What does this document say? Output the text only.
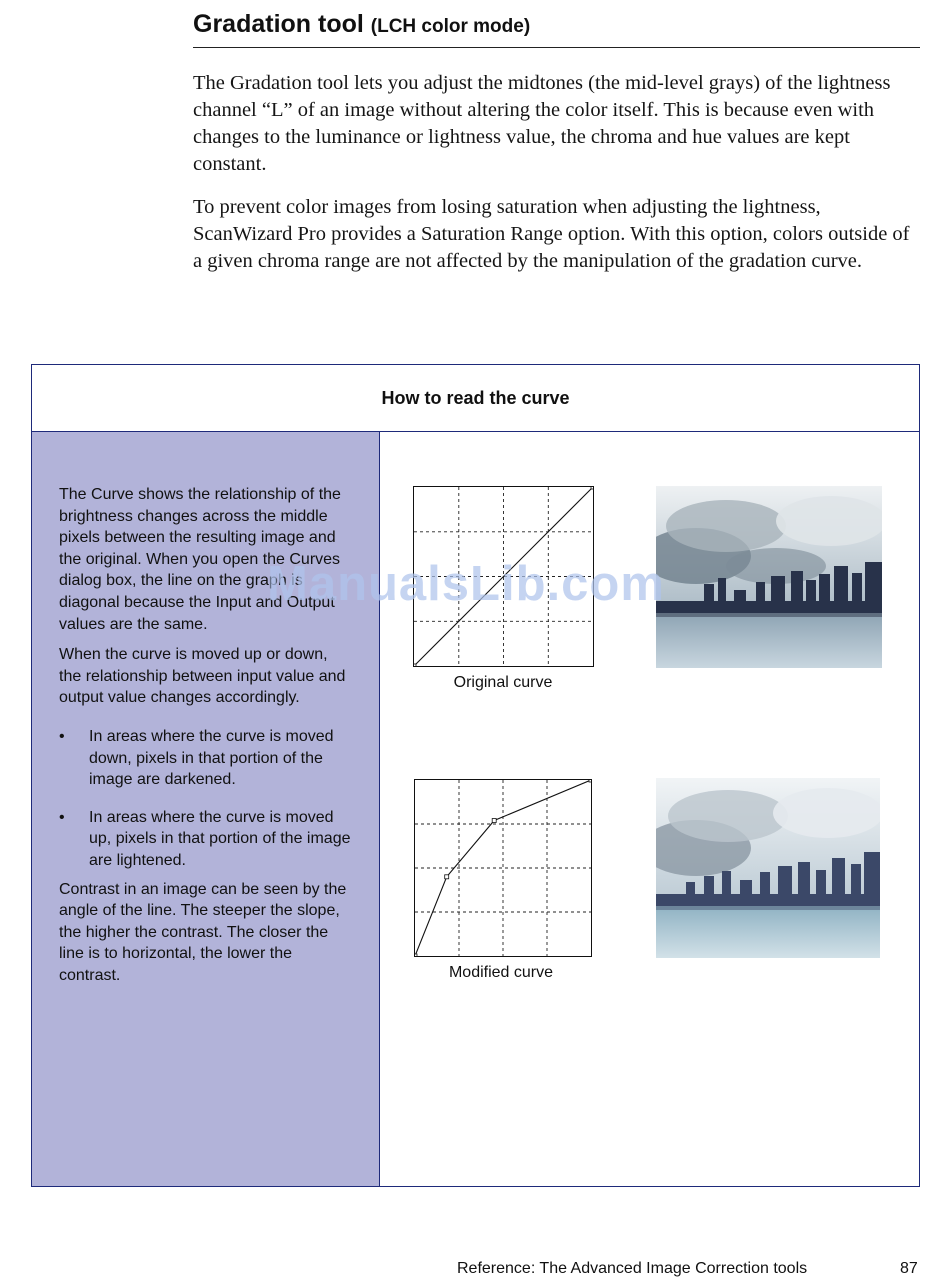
Gradation tool (LCH color mode)

The Gradation tool lets you adjust the midtones (the mid-level grays) of the lightness channel “L” of an image without altering the color itself. This is because even with changes to the luminance or lightness value, the chroma and hue values are kept constant.

To prevent color images from losing saturation when adjusting the lightness, ScanWizard Pro provides a Saturation Range option. With this option, colors outside of a given chroma range are not affected by the manipulation of the gradation curve.

How to read the curve

The Curve shows the relationship of the brightness changes across the middle pixels between the resulting image and the original. When you open the Curves dialog box, the line on the graph is diagonal because the Input and Output values are the same.

When the curve is moved up or down, the relationship between input value and output value changes accordingly.

• In areas where the curve is moved down, pixels in that portion of the image are darkened.
• In areas where the curve is moved up, pixels in that portion of the image are lightened.

Contrast in an image can be seen by the angle of the line. The steeper the slope, the higher the contrast. The closer the line is to horizontal, the lower the contrast.

Original curve
Modified curve
ManualsLib.com
Reference: The Advanced Image Correction tools	87
